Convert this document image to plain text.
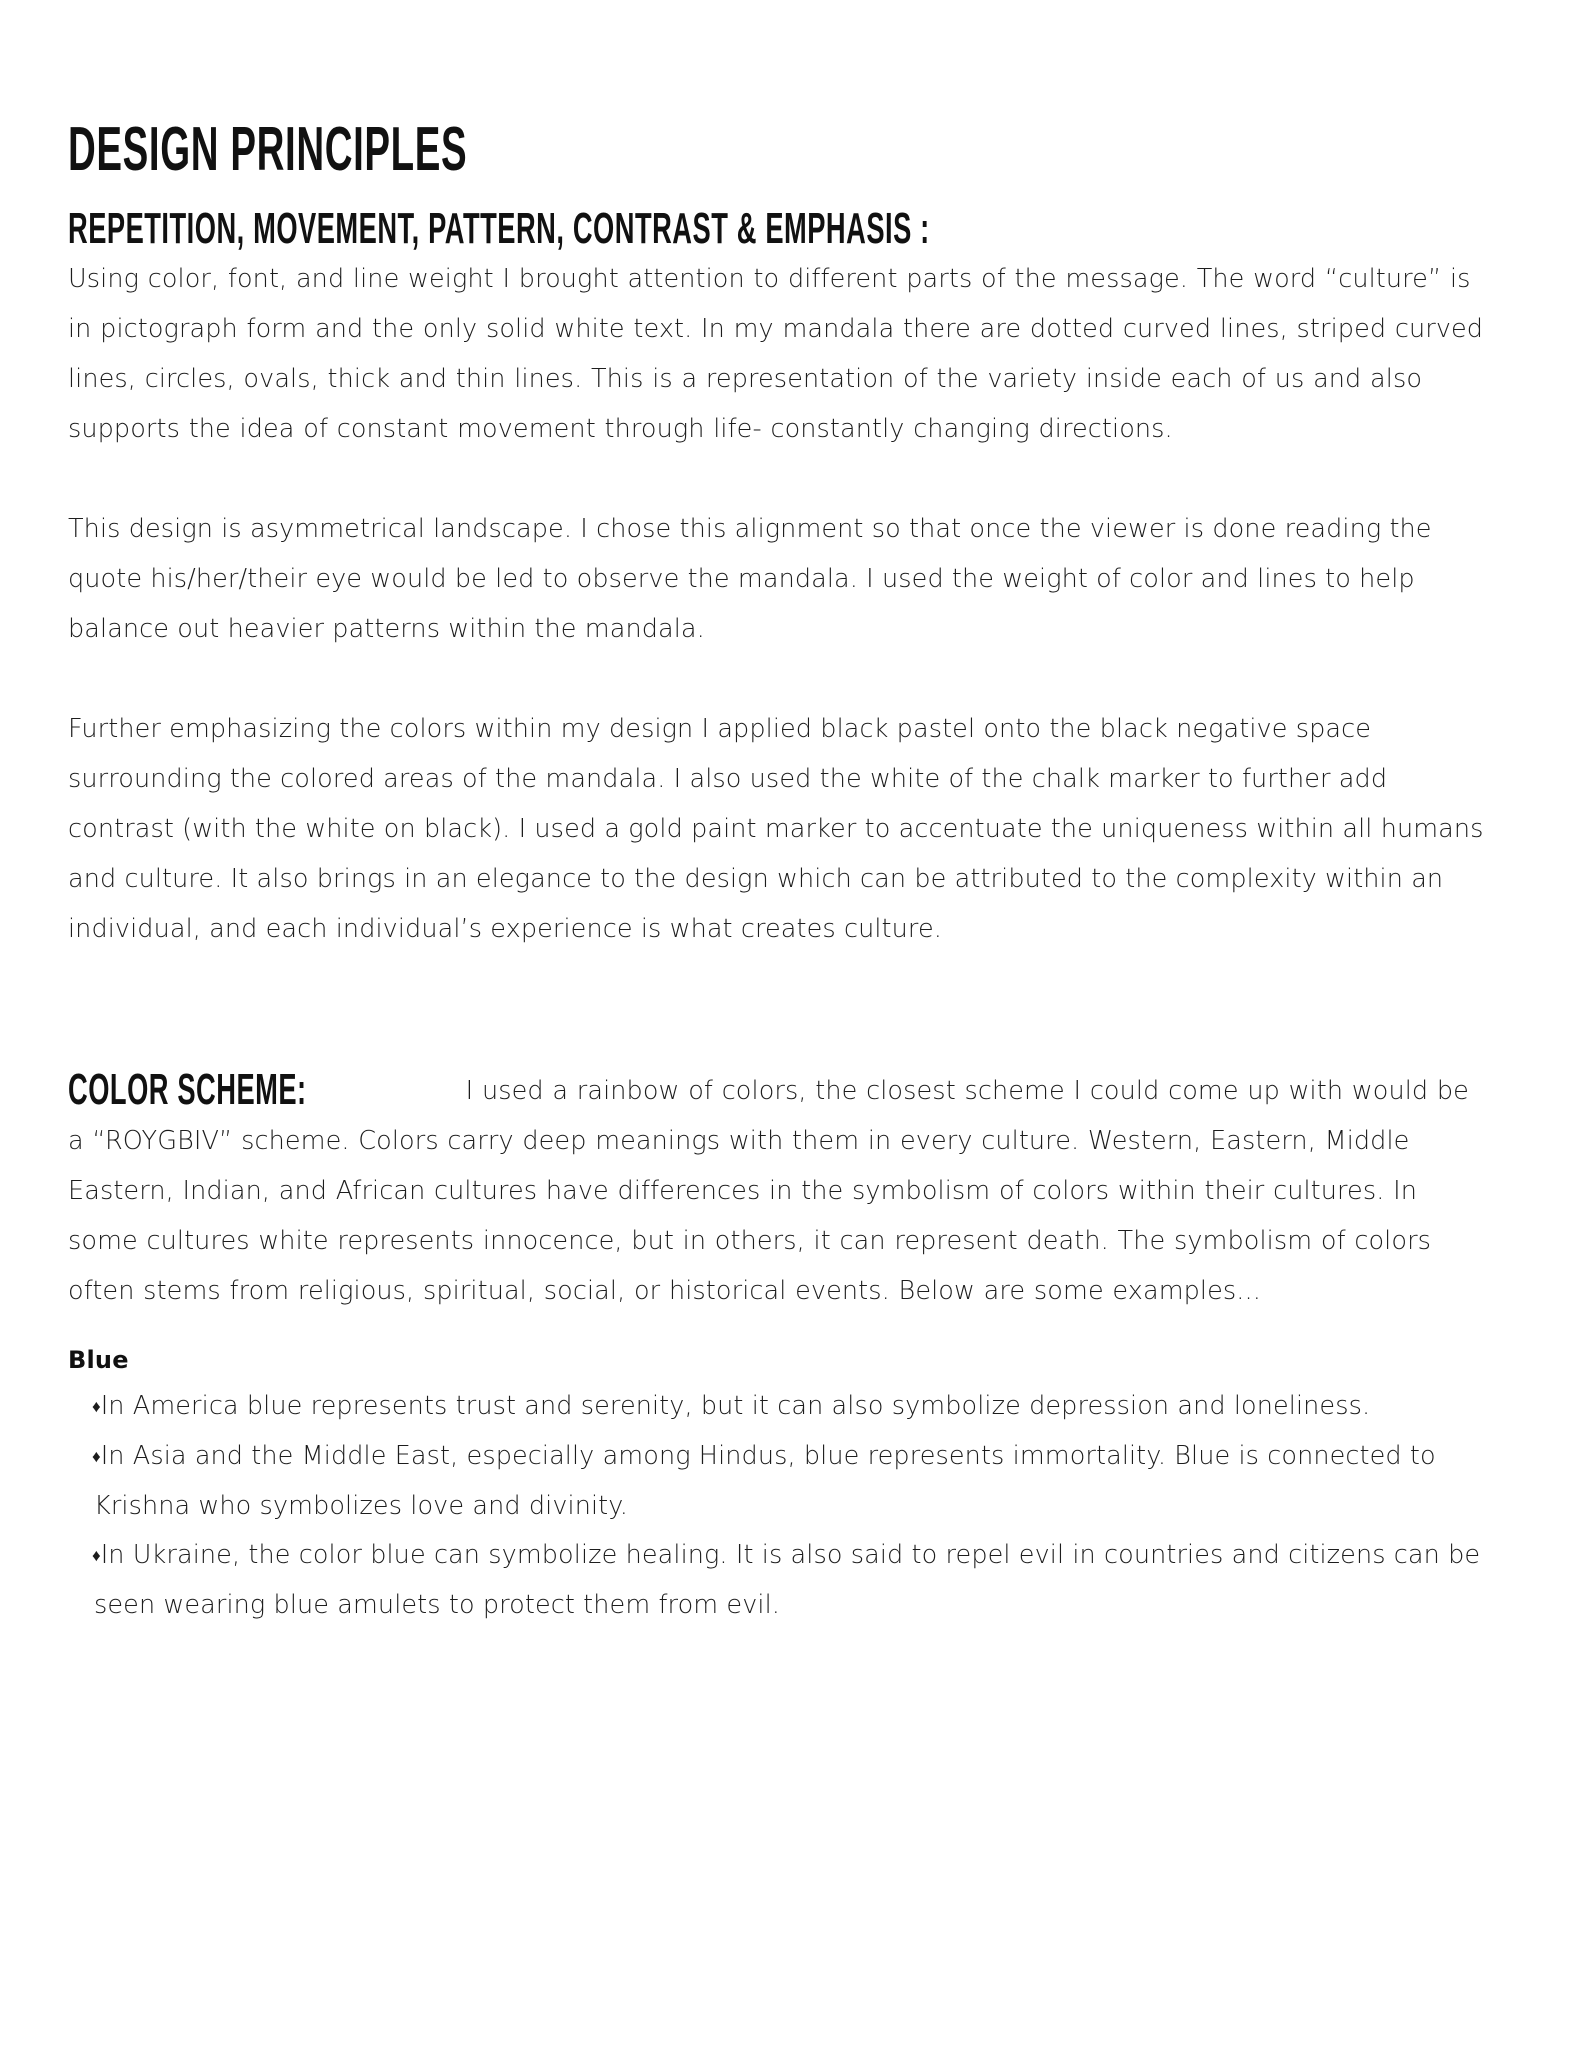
DESIGN PRINCIPLES

REPETITION, MOVEMENT, PATTERN, CONTRAST & EMPHASIS : Using color, font, and line weight I brought attention to different parts of the message. The word “culture” is in pictograph form and the only solid white text. In my mandala there are dotted curved lines, striped curved lines, circles, ovals, thick and thin lines. This is a representation of the variety inside each of us and also supports the idea of constant movement through life- constantly changing directions.

This design is asymmetrical landscape. I chose this alignment so that once the viewer is done reading the quote his/her/their eye would be led to observe the mandala. I used the weight of color and lines to help balance out heavier patterns within the mandala.

Further emphasizing the colors within my design I applied black pastel onto the black negative space surrounding the colored areas of the mandala. I also used the white of the chalk marker to further add contrast (with the white on black). I used a gold paint marker to accentuate the uniqueness within all humans and culture. It also brings in an elegance to the design which can be attributed to the complexity within an individual, and each individual’s experience is what creates culture.

COLOR SCHEME:	I used a rainbow of colors, the closest scheme I could come up with would be a “ROYGBIV” scheme. Colors carry deep meanings with them in every culture. Western, Eastern, Middle Eastern, Indian, and African cultures have differences in the symbolism of colors within their cultures. In some cultures white represents innocence, but in others, it can represent death. The symbolism of colors often stems from religious, spiritual, social, or historical events. Below are some examples...

Blue

♦In America blue represents trust and serenity, but it can also symbolize depression and loneliness.
♦In Asia and the Middle East, especially among Hindus, blue represents immortality. Blue is connected to Krishna who symbolizes love and divinity.
♦In Ukraine, the color blue can symbolize healing. It is also said to repel evil in countries and citizens can be seen wearing blue amulets to protect them from evil.
